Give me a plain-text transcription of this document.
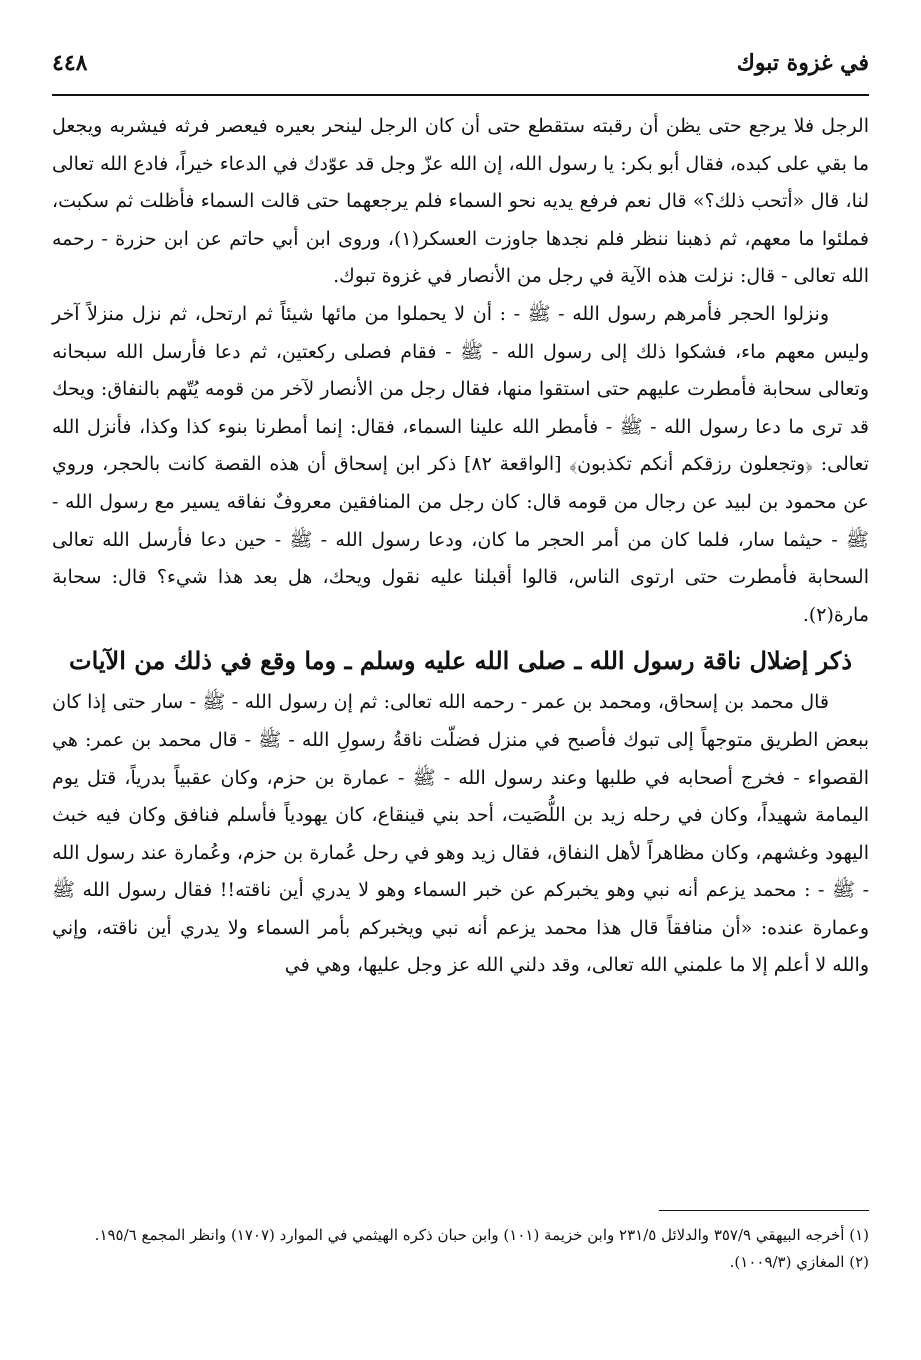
في غزوة تبوك
٤٤٨

الرجل فلا يرجع حتى يظن أن رقبته ستقطع حتى أن كان الرجل لينحر بعيره فيعصر فرثه فيشربه ويجعل ما بقي على كبده، فقال أبو بكر: يا رسول الله، إن الله عزّ وجل قد عوّدك في الدعاء خيراً، فادع الله تعالى لنا، قال «أتحب ذلك؟» قال نعم فرفع يديه نحو السماء فلم يرجعهما حتى قالت السماء فأظلت ثم سكبت، فملئوا ما معهم، ثم ذهبنا ننظر فلم نجدها جاوزت العسكر(١)، وروى ابن أبي حاتم عن ابن حزرة - رحمه الله تعالى - قال: نزلت هذه الآية في رجل من الأنصار في غزوة تبوك.

ونزلوا الحجر فأمرهم رسول الله - ﷺ - : أن لا يحملوا من مائها شيئاً ثم ارتحل، ثم نزل منزلاً آخر وليس معهم ماء، فشكوا ذلك إلى رسول الله - ﷺ - فقام فصلى ركعتين، ثم دعا فأرسل الله سبحانه وتعالى سحابة فأمطرت عليهم حتى استقوا منها، فقال رجل من الأنصار لآخر من قومه يُتّهم بالنفاق: ويحك قد ترى ما دعا رسول الله - ﷺ - فأمطر الله علينا السماء، فقال: إنما أمطرنا بنوء كذا وكذا، فأنزل الله تعالى: ﴿وتجعلون رزقكم أنكم تكذبون﴾ [الواقعة ٨٢] ذكر ابن إسحاق أن هذه القصة كانت بالحجر، وروي عن محمود بن لبيد عن رجال من قومه قال: كان رجل من المنافقين معروفٌ نفاقه يسير مع رسول الله - ﷺ - حيثما سار، فلما كان من أمر الحجر ما كان، ودعا رسول الله - ﷺ - حين دعا فأرسل الله تعالى السحابة فأمطرت حتى ارتوى الناس، قالوا أقبلنا عليه نقول ويحك، هل بعد هذا شيء؟ قال: سحابة مارة(٢).

ذكر إضلال ناقة رسول الله ـ صلى الله عليه وسلم ـ وما وقع في ذلك من الآيات

قال محمد بن إسحاق، ومحمد بن عمر - رحمه الله تعالى: ثم إن رسول الله - ﷺ - سار حتى إذا كان ببعض الطريق متوجهاً إلى تبوك فأصبح في منزل فضلّت ناقةُ رسولِ الله - ﷺ - قال محمد بن عمر: هي القصواء - فخرج أصحابه في طلبها وعند رسول الله - ﷺ - عمارة بن حزم، وكان عقبياً بدرياً، قتل يوم اليمامة شهيداً، وكان في رحله زيد بن اللُّصَيت، أحد بني قينقاع، كان يهودياً فأسلم فنافق وكان فيه خبث اليهود وغشهم، وكان مظاهراً لأهل النفاق، فقال زيد وهو في رحل عُمارة بن حزم، وعُمارة عند رسول الله - ﷺ - : محمد يزعم أنه نبي وهو يخبركم عن خبر السماء وهو لا يدري أين ناقته!! فقال رسول الله ﷺ وعمارة عنده: «أن منافقاً قال هذا محمد يزعم أنه نبي ويخبركم بأمر السماء ولا يدري أين ناقته، وإني والله لا أعلم إلا ما علمني الله تعالى، وقد دلني الله عز وجل عليها، وهي في

(١) أخرجه البيهقي ٣٥٧/٩ والدلائل ٢٣١/٥ وابن خزيمة (١٠١) وابن حبان ذكره الهيثمي في الموارد (١٧٠٧) وانظر المجمع ١٩٥/٦.

(٢) المغازي (١٠٠٩/٣).
